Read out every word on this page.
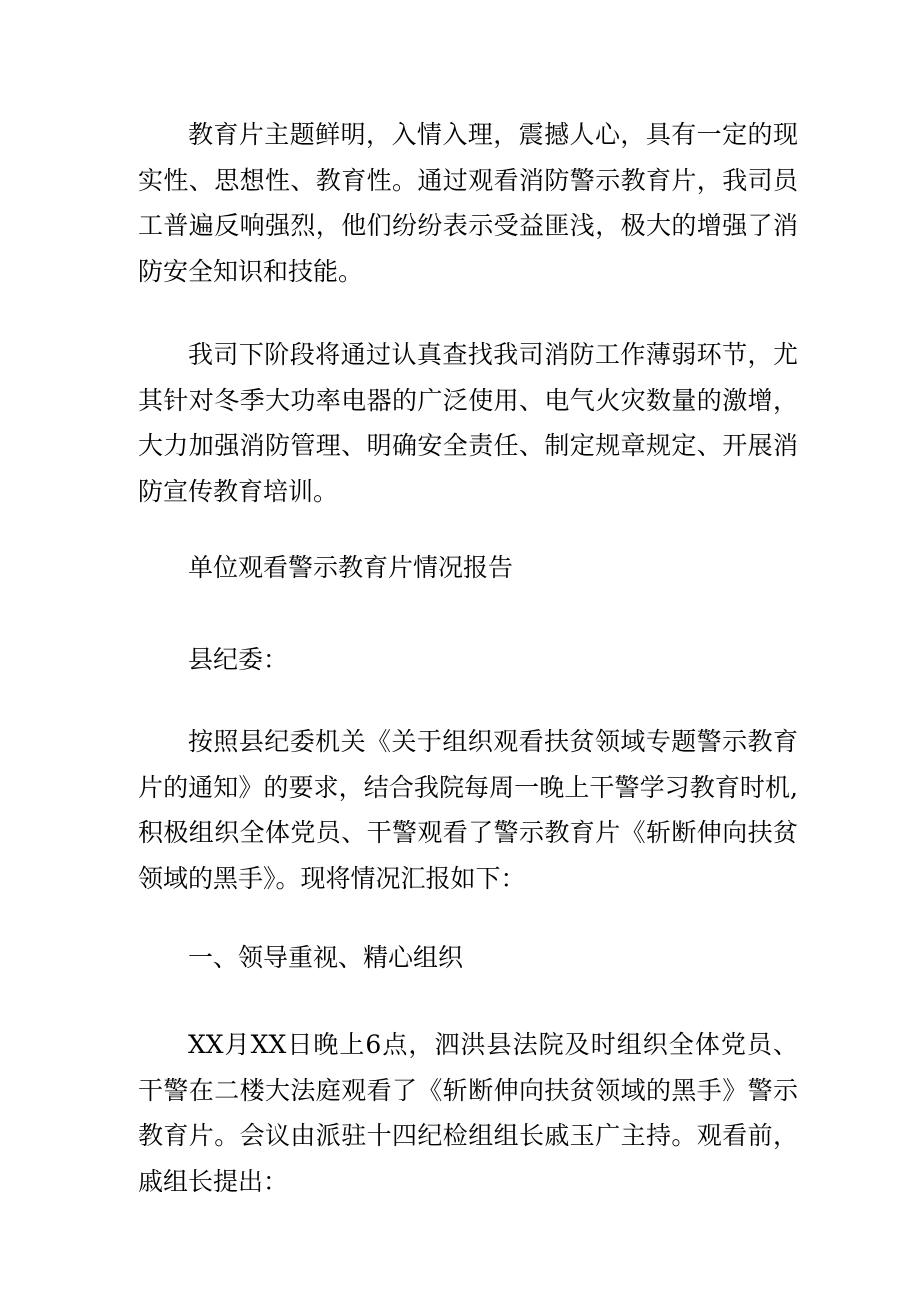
教育片主题鲜明，入情入理，震撼人心，具有一定的现实性、思想性、教育性。通过观看消防警示教育片，我司员工普遍反响强烈，他们纷纷表示受益匪浅，极大的增强了消防安全知识和技能。

我司下阶段将通过认真查找我司消防工作薄弱环节，尤其针对冬季大功率电器的广泛使用、电气火灾数量的激增，大力加强消防管理、明确安全责任、制定规章规定、开展消防宣传教育培训。

单位观看警示教育片情况报告

县纪委：

按照县纪委机关《关于组织观看扶贫领域专题警示教育片的通知》的要求，结合我院每周一晚上干警学习教育时机,积极组织全体党员、干警观看了警示教育片《斩断伸向扶贫领域的黑手》。现将情况汇报如下：

一、领导重视、精心组织

XX月XX日晚上6点，泗洪县法院及时组织全体党员、干警在二楼大法庭观看了《斩断伸向扶贫领域的黑手》警示教育片。会议由派驻十四纪检组组长戚玉广主持。观看前，戚组长提出：
